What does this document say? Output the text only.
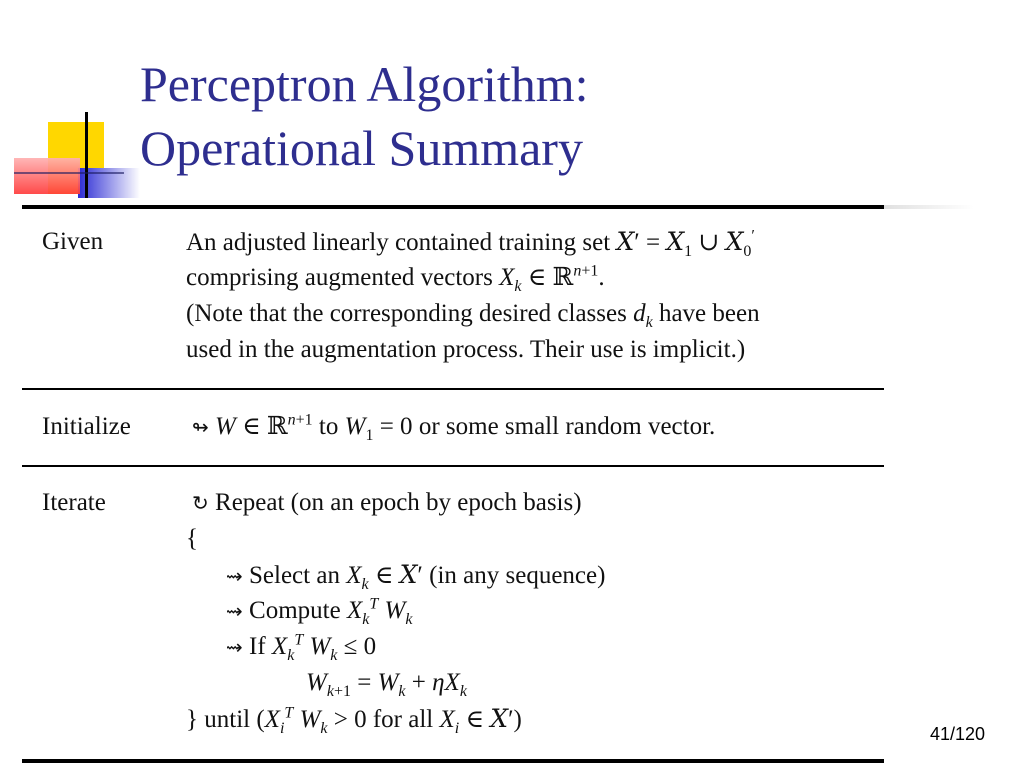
Perceptron Algorithm:
Operational Summary
Given	An adjusted linearly contained training set $X' = X_1$ ∪ $X_0'$
comprising augmented vectors $X_k$ ∈ ℝ$^{n+1}$.
(Note that the corresponding desired classes $d_k$ have been
used in the augmentation process. Their use is implicit.)
Initialize	↬ W ∈ ℝ$^{n+1}$ to $W_1 = 0$ or some small random vector.
Iterate	↻ Repeat (on an epoch by epoch basis)
{
⇝ Select an $X_k$ ∈ X′ (in any sequence)
⇝ Compute $X_k^T$ $W_k$
⇝ If $X_k^T$ $W_k \le 0$
$W_{k+1} = W_k + \eta X_k$
} until ($X_i^T$ $W_k > 0$ for all $X_i$ ∈ X′)
41/120
